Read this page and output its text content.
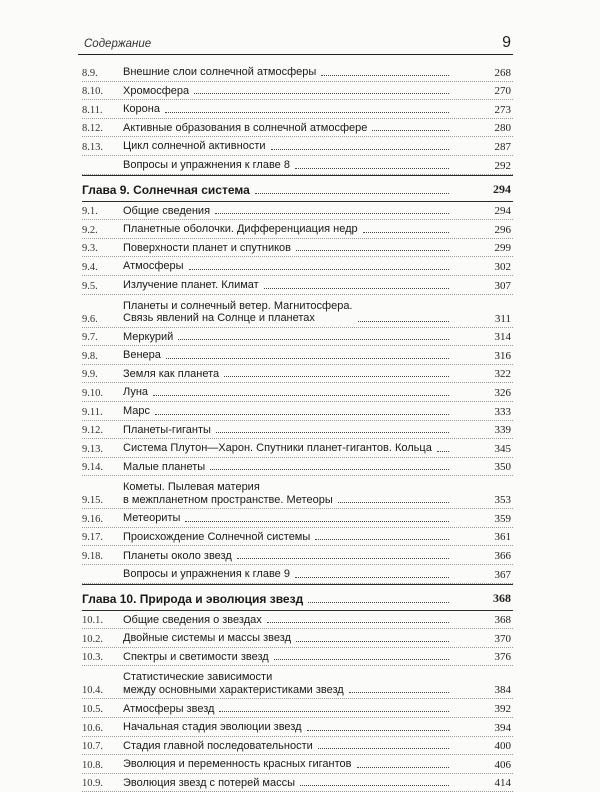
Содержание	9
8.9. Внешние слои солнечной атмосферы	268
8.10. Хромосфера	270
8.11. Корона	273
8.12. Активные образования в солнечной атмосфере	280
8.13. Цикл солнечной активности	287
Вопросы и упражнения к главе 8	292
Глава 9. Солнечная система	294
9.1. Общие сведения	294
9.2. Планетные оболочки. Дифференциация недр	296
9.3. Поверхности планет и спутников	299
9.4. Атмосферы	302
9.5. Излучение планет. Климат	307
9.6.
Планеты и солнечный ветер. Магнитосфера.
Связь явлений на Солнце и планетах	311
9.7. Меркурий	314
9.8. Венера	316
9.9. Земля как планета	322
9.10. Луна	326
9.11. Марс	333
9.12. Планеты-гиганты	339
9.13. Система Плутон—Харон. Спутники планет-гигантов. Кольца	345
9.14. Малые планеты	350
9.15.
Кометы. Пылевая материя
в межпланетном пространстве. Метеоры	353
9.16. Метеориты	359
9.17. Происхождение Солнечной системы	361
9.18. Планеты около звезд	366
Вопросы и упражнения к главе 9	367
Глава 10. Природа и эволюция звезд	368
10.1. Общие сведения о звездах	368
10.2. Двойные системы и массы звезд	370
10.3. Спектры и светимости звезд	376
10.4.
Статистические зависимости
между основными характеристиками звезд	384
10.5. Атмосферы звезд	392
10.6. Начальная стадия эволюции звезд	394
10.7. Стадия главной последовательности	400
10.8. Эволюция и переменность красных гигантов	406
10.9. Эволюция звезд с потерей массы	414
